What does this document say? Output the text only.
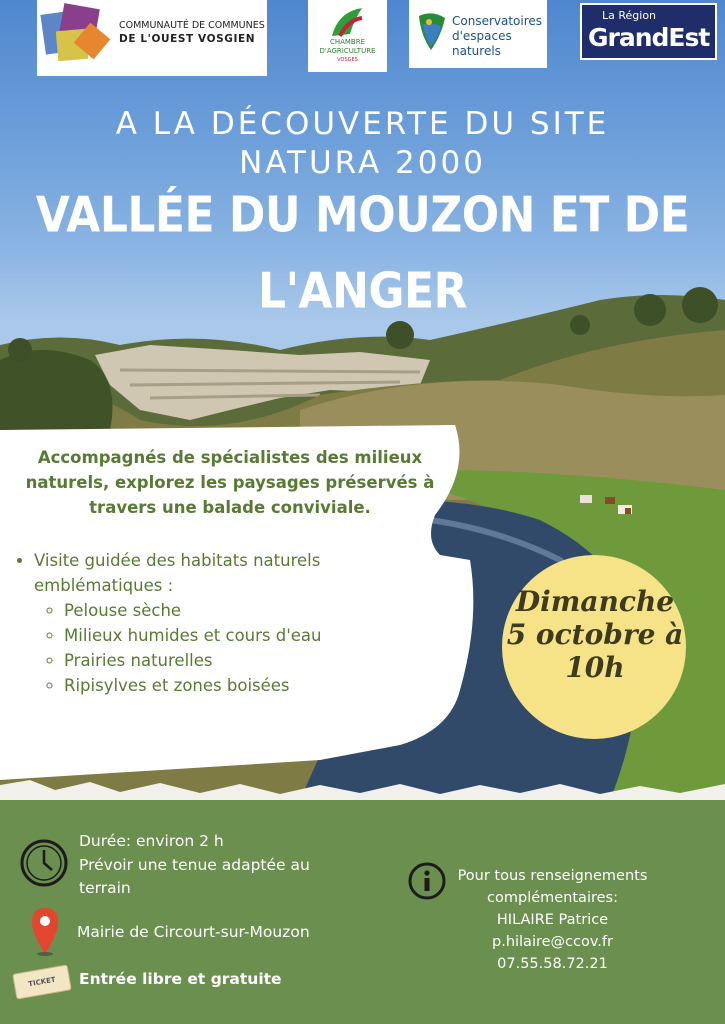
COMMUNAUTÉ DE COMMUNES
DE L'OUEST VOSGIEN	CHAMBRE
D'AGRICULTURE
VOSGES
Conservatoires
d'espaces
naturels
La Région
GrandEst
A LA DÉCOUVERTE DU SITE
NATURA 2000
VALLÉE DU MOUZON ET DE
L'ANGER
Accompagnés de spécialistes des milieux naturels, explorez les paysages préservés à travers une balade conviviale.
• Visite guidée des habitats naturels emblématiques :
◦ Pelouse sèche
◦ Milieux humides et cours d'eau
◦ Prairies naturelles
◦ Ripisylves et zones boisées
Dimanche
5 octobre à
10h
Durée: environ 2 h
Prévoir une tenue adaptée au
terrain
Mairie de Circourt-sur-Mouzon
TICKET	Entrée libre et gratuite
Pour tous renseignements
complémentaires:
HILAIRE Patrice
p.hilaire@ccov.fr
07.55.58.72.21
